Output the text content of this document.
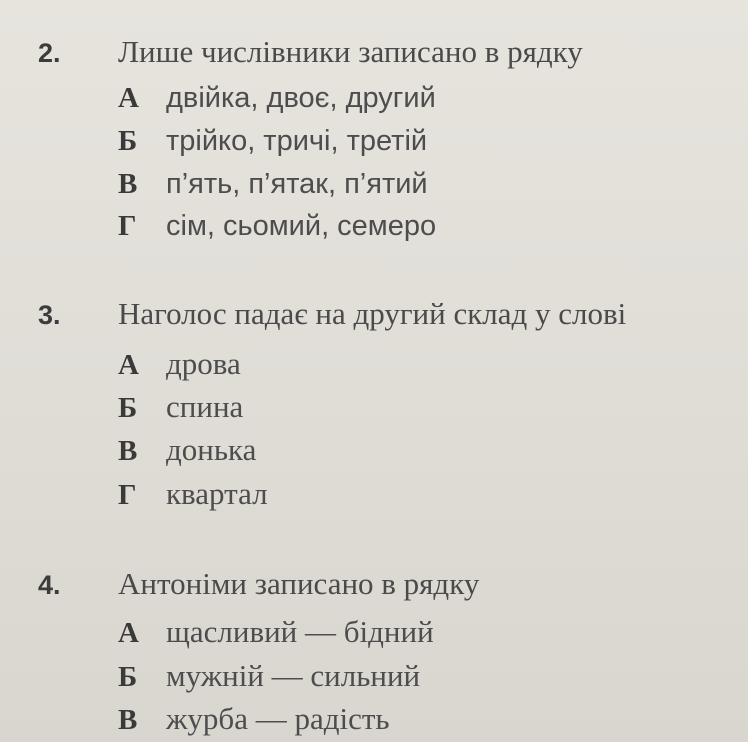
2. Лише числівники записано в рядку
А двійка, двоє, другий
Б трійко, тричі, третій
В п’ять, п’ятак, п’ятий
Г сім, сьомий, семеро
3. Наголос падає на другий склад у слові
А дрова
Б спина
В донька
Г квартал
4. Антоніми записано в рядку
А щасливий — бідний
Б мужній — сильний
В журба — радість
